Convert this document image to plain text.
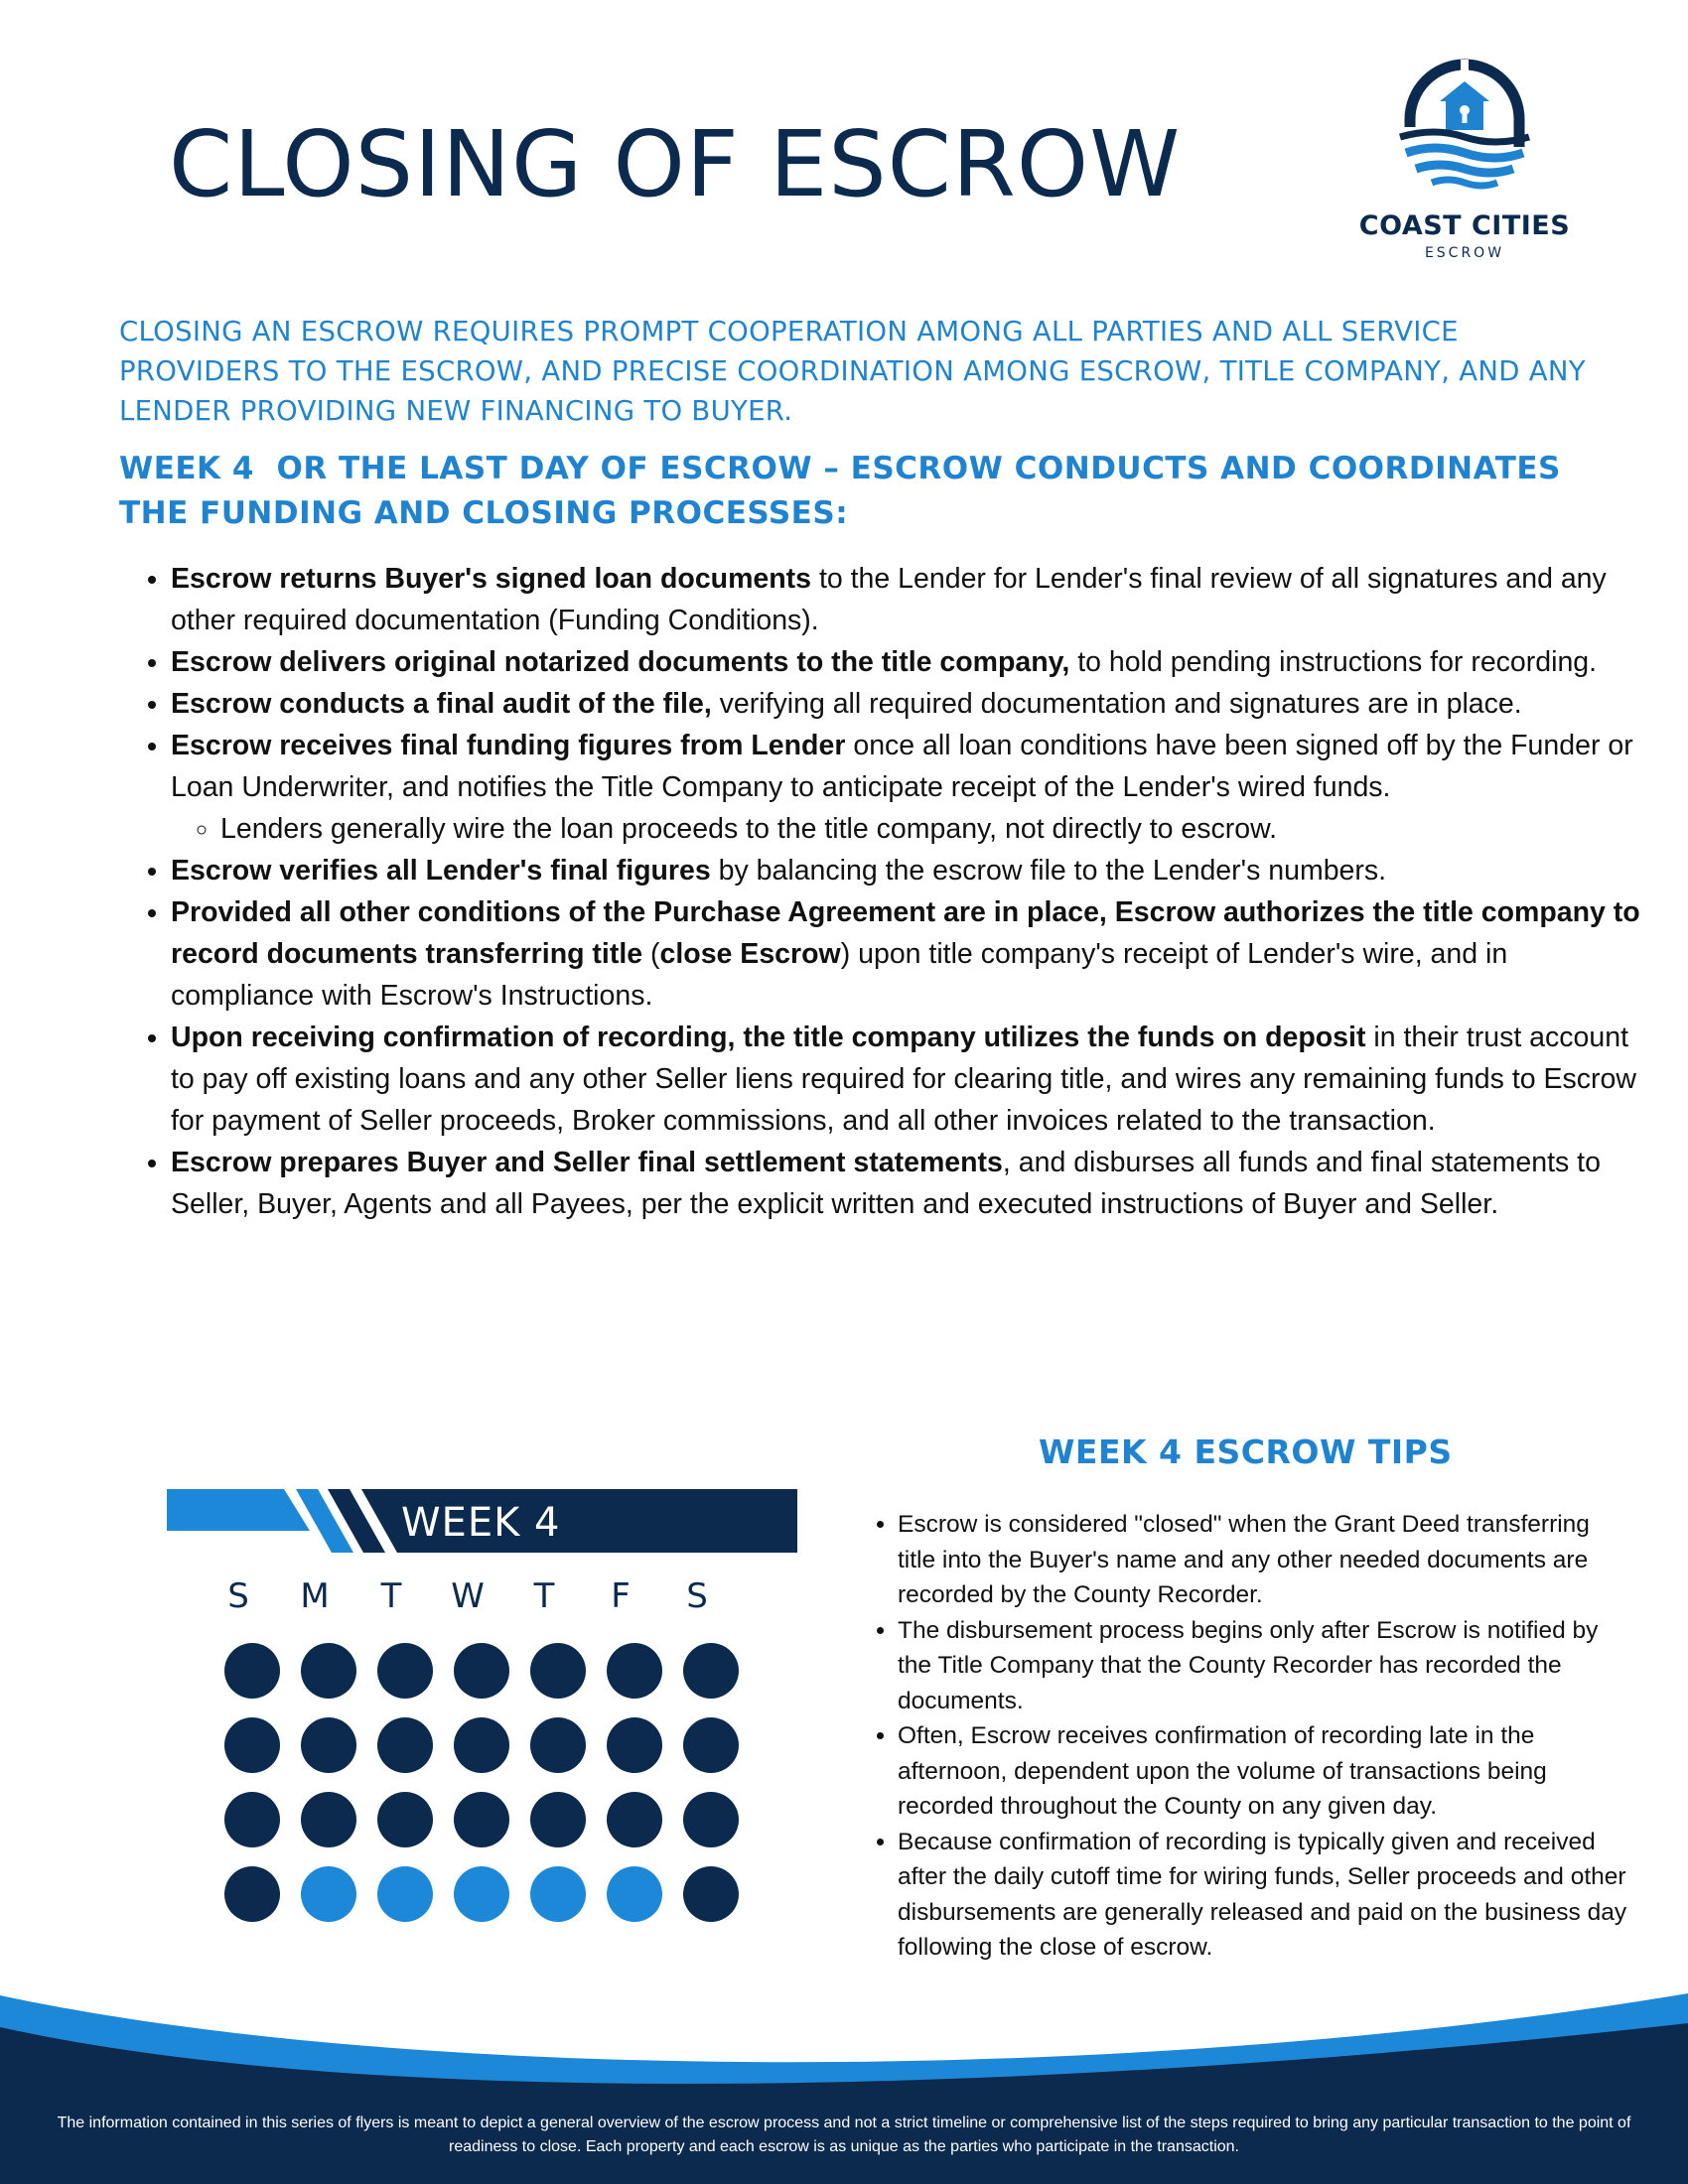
CLOSING OF ESCROW
COAST CITIES
ESCROW

CLOSING AN ESCROW REQUIRES PROMPT COOPERATION AMONG ALL PARTIES AND ALL SERVICE PROVIDERS TO THE ESCROW, AND PRECISE COORDINATION AMONG ESCROW, TITLE COMPANY, AND ANY LENDER PROVIDING NEW FINANCING TO BUYER.

WEEK 4  OR THE LAST DAY OF ESCROW – ESCROW CONDUCTS AND COORDINATES THE FUNDING AND CLOSING PROCESSES:
• Escrow returns Buyer's signed loan documents to the Lender for Lender's final review of all signatures and any other required documentation (Funding Conditions).
• Escrow delivers original notarized documents to the title company, to hold pending instructions for recording.
• Escrow conducts a final audit of the file, verifying all required documentation and signatures are in place.
• Escrow receives final funding figures from Lender once all loan conditions have been signed off by the Funder or Loan Underwriter, and notifies the Title Company to anticipate receipt of the Lender's wired funds.
◦ Lenders generally wire the loan proceeds to the title company, not directly to escrow.
• Escrow verifies all Lender's final figures by balancing the escrow file to the Lender's numbers.
• Provided all other conditions of the Purchase Agreement are in place, Escrow authorizes the title company to record documents transferring title (close Escrow) upon title company's receipt of Lender's wire, and in compliance with Escrow's Instructions.
• Upon receiving confirmation of recording, the title company utilizes the funds on deposit in their trust account to pay off existing loans and any other Seller liens required for clearing title, and wires any remaining funds to Escrow for payment of Seller proceeds, Broker commissions, and all other invoices related to the transaction.
• Escrow prepares Buyer and Seller final settlement statements, and disburses all funds and final statements to Seller, Buyer, Agents and all Payees, per the explicit written and executed instructions of Buyer and Seller.
WEEK 4 ESCROW TIPS
• Escrow is considered "closed" when the Grant Deed transferring title into the Buyer's name and any other needed documents are recorded by the County Recorder.
• The disbursement process begins only after Escrow is notified by the Title Company that the County Recorder has recorded the documents.
• Often, Escrow receives confirmation of recording late in the afternoon, dependent upon the volume of transactions being recorded throughout the County on any given day.
• Because confirmation of recording is typically given and received after the daily cutoff time for wiring funds, Seller proceeds and other disbursements are generally released and paid on the business day following the close of escrow.
WEEK 4
S	M	T	W	T	F	S

The information contained in this series of flyers is meant to depict a general overview of the escrow process and not a strict timeline or comprehensive list of the steps required to bring any particular transaction to the point of readiness to close. Each property and each escrow is as unique as the parties who participate in the transaction.
